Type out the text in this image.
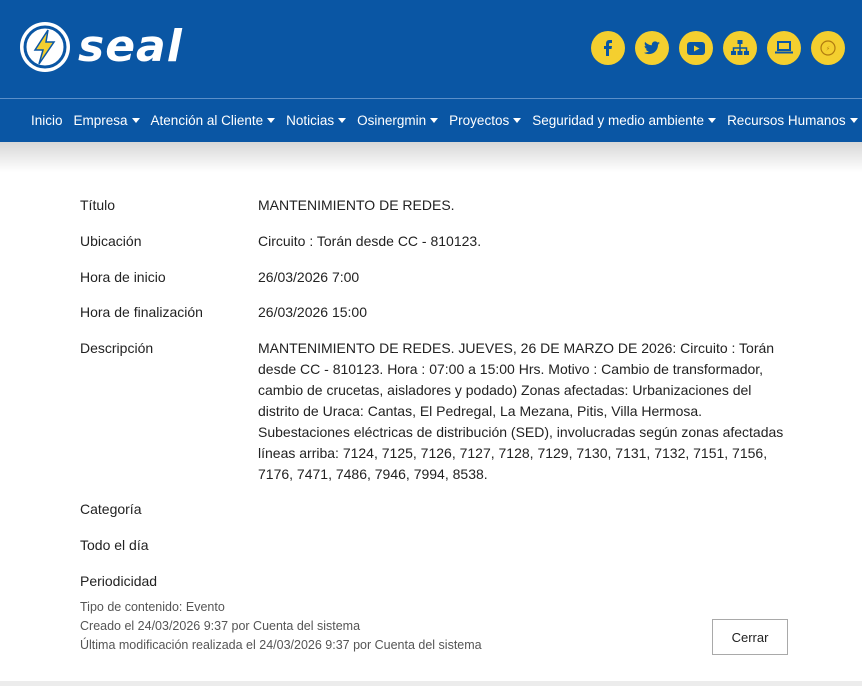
seal	⚡
Inicio Empresa Atención al Cliente Noticias Osinergmin Proyectos Seguridad y medio ambiente Recursos Humanos
Título	MANTENIMIENTO DE REDES.
Ubicación	Circuito : Torán desde CC - 810123.
Hora de inicio	26/03/2026 7:00
Hora de finalización	26/03/2026 15:00
Descripción	MANTENIMIENTO DE REDES. JUEVES, 26 DE MARZO DE 2026: Circuito : Torán desde CC - 810123. Hora : 07:00 a 15:00 Hrs. Motivo : Cambio de transformador, cambio de crucetas, aisladores y podado) Zonas afectadas: Urbanizaciones del distrito de Uraca: Cantas, El Pedregal, La Mezana, Pitis, Villa Hermosa. Subestaciones eléctricas de distribución (SED), involucradas según zonas afectadas líneas arriba: 7124, 7125, 7126, 7127, 7128, 7129, 7130, 7131, 7132, 7151, 7156, 7176, 7471, 7486, 7946, 7994, 8538.
Categoría
Todo el día
Periodicidad
Tipo de contenido: Evento
Creado el 24/03/2026 9:37 por Cuenta del sistema
Última modificación realizada el 24/03/2026 9:37 por Cuenta del sistema
Cerrar
